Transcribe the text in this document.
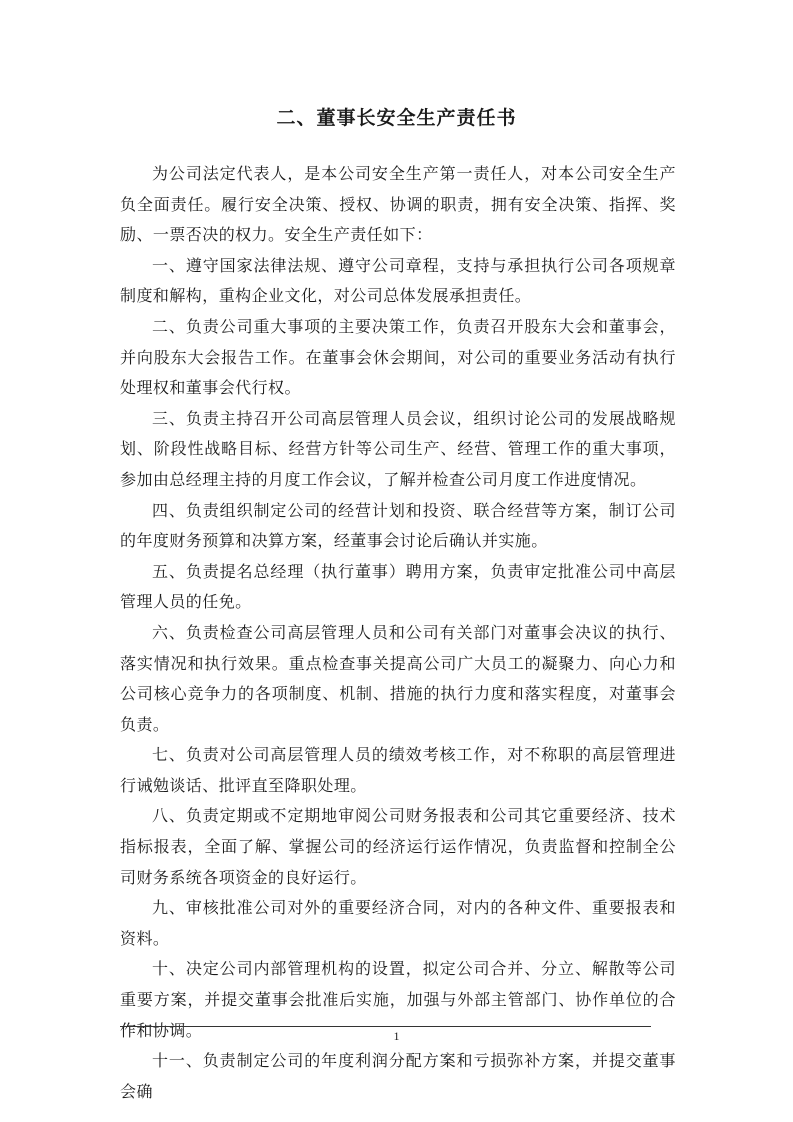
二、董事长安全生产责任书

为公司法定代表人，是本公司安全生产第一责任人，对本公司安全生产负全面责任。履行安全决策、授权、协调的职责，拥有安全决策、指挥、奖励、一票否决的权力。安全生产责任如下：

一、遵守国家法律法规、遵守公司章程，支持与承担执行公司各项规章制度和解构，重构企业文化，对公司总体发展承担责任。

二、负责公司重大事项的主要决策工作，负责召开股东大会和董事会，并向股东大会报告工作。在董事会休会期间，对公司的重要业务活动有执行处理权和董事会代行权。

三、负责主持召开公司高层管理人员会议，组织讨论公司的发展战略规划、阶段性战略目标、经营方针等公司生产、经营、管理工作的重大事项，参加由总经理主持的月度工作会议，了解并检查公司月度工作进度情况。

四、负责组织制定公司的经营计划和投资、联合经营等方案，制订公司的年度财务预算和决算方案，经董事会讨论后确认并实施。

五、负责提名总经理（执行董事）聘用方案，负责审定批准公司中高层管理人员的任免。

六、负责检查公司高层管理人员和公司有关部门对董事会决议的执行、落实情况和执行效果。重点检查事关提高公司广大员工的凝聚力、向心力和公司核心竞争力的各项制度、机制、措施的执行力度和落实程度，对董事会负责。

七、负责对公司高层管理人员的绩效考核工作，对不称职的高层管理进行诫勉谈话、批评直至降职处理。

八、负责定期或不定期地审阅公司财务报表和公司其它重要经济、技术指标报表，全面了解、掌握公司的经济运行运作情况，负责监督和控制全公司财务系统各项资金的良好运行。

九、审核批准公司对外的重要经济合同，对内的各种文件、重要报表和资料。

十、决定公司内部管理机构的设置，拟定公司合并、分立、解散等公司重要方案，并提交董事会批准后实施，加强与外部主管部门、协作单位的合作和协调。

十一、负责制定公司的年度利润分配方案和亏损弥补方案，并提交董事会确

1
